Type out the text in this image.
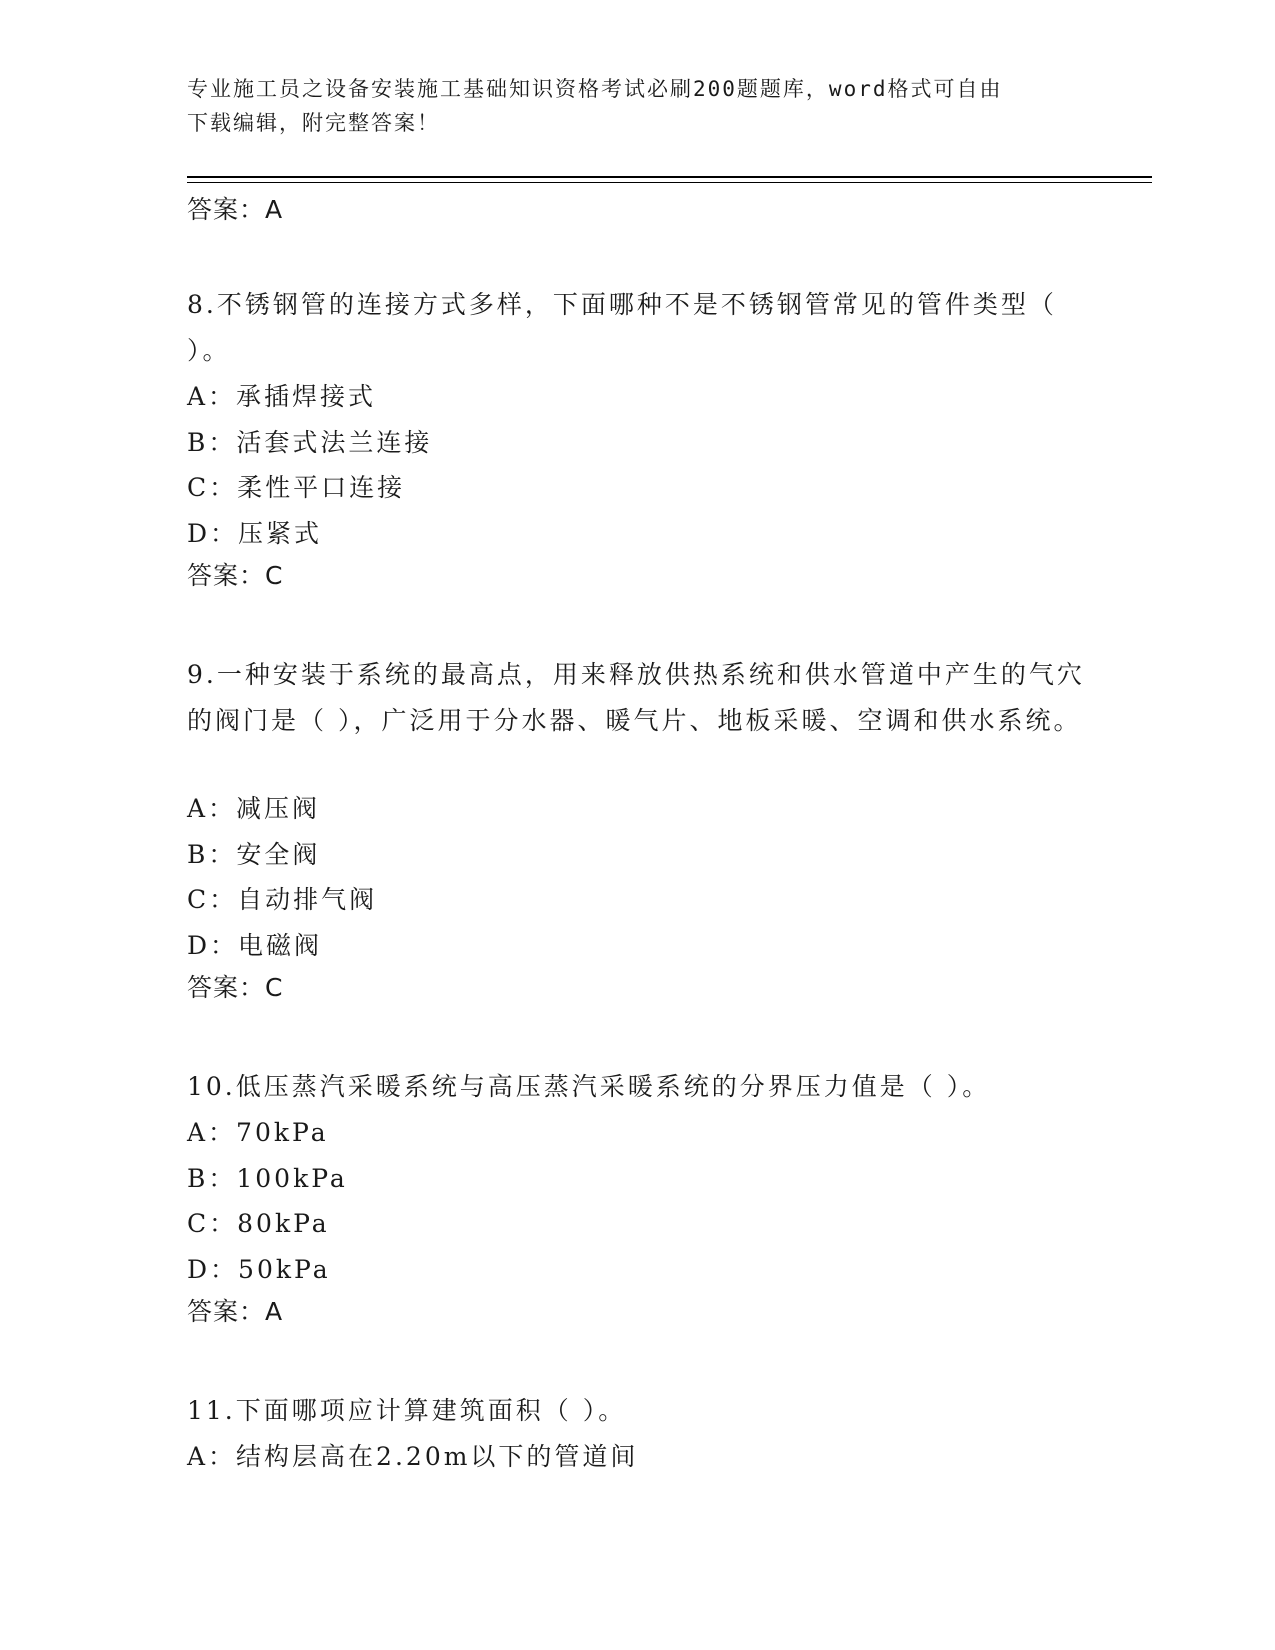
专业施工员之设备安装施工基础知识资格考试必刷200题题库，word格式可自由
下载编辑，附完整答案！
答案：A
8.不锈钢管的连接方式多样，下面哪种不是不锈钢管常见的管件类型（ ）。
A：承插焊接式
B：活套式法兰连接
C：柔性平口连接
D：压紧式
答案：C
9.一种安装于系统的最高点，用来释放供热系统和供水管道中产生的气穴的阀门是（ ），广泛用于分水器、暖气片、地板采暖、空调和供水系统。
A：减压阀
B：安全阀
C：自动排气阀
D：电磁阀
答案：C
10.低压蒸汽采暖系统与高压蒸汽采暖系统的分界压力值是（ ）。
A：70kPa
B：100kPa
C：80kPa
D：50kPa
答案：A
11.下面哪项应计算建筑面积（ ）。
A：结构层高在2.20m以下的管道间
